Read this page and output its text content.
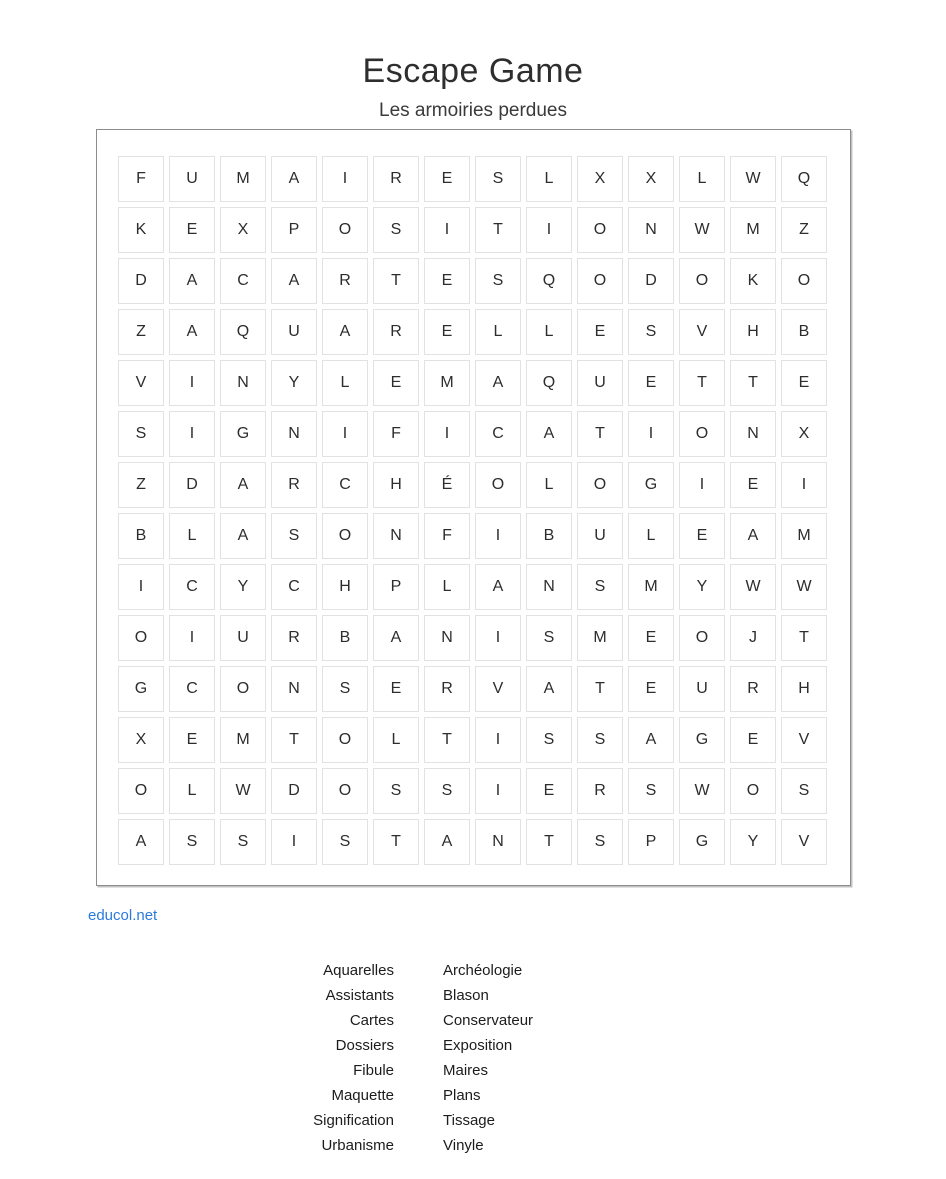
Escape Game
Les armoiries perdues
F	U	M	A	I	R	E	S	L	X	X	L	W	Q
K	E	X	P	O	S	I	T	I	O	N	W	M	Z
D	A	C	A	R	T	E	S	Q	O	D	O	K	O
Z	A	Q	U	A	R	E	L	L	E	S	V	H	B
V	I	N	Y	L	E	M	A	Q	U	E	T	T	E
S	I	G	N	I	F	I	C	A	T	I	O	N	X
Z	D	A	R	C	H	É	O	L	O	G	I	E	I
B	L	A	S	O	N	F	I	B	U	L	E	A	M
I	C	Y	C	H	P	L	A	N	S	M	Y	W	W
O	I	U	R	B	A	N	I	S	M	E	O	J	T
G	C	O	N	S	E	R	V	A	T	E	U	R	H
X	E	M	T	O	L	T	I	S	S	A	G	E	V
O	L	W	D	O	S	S	I	E	R	S	W	O	S
A	S	S	I	S	T	A	N	T	S	P	G	Y	V
educol.net
Aquarelles	Archéologie
Assistants	Blason
Cartes	Conservateur
Dossiers	Exposition
Fibule	Maires
Maquette	Plans
Signification	Tissage
Urbanisme	Vinyle
